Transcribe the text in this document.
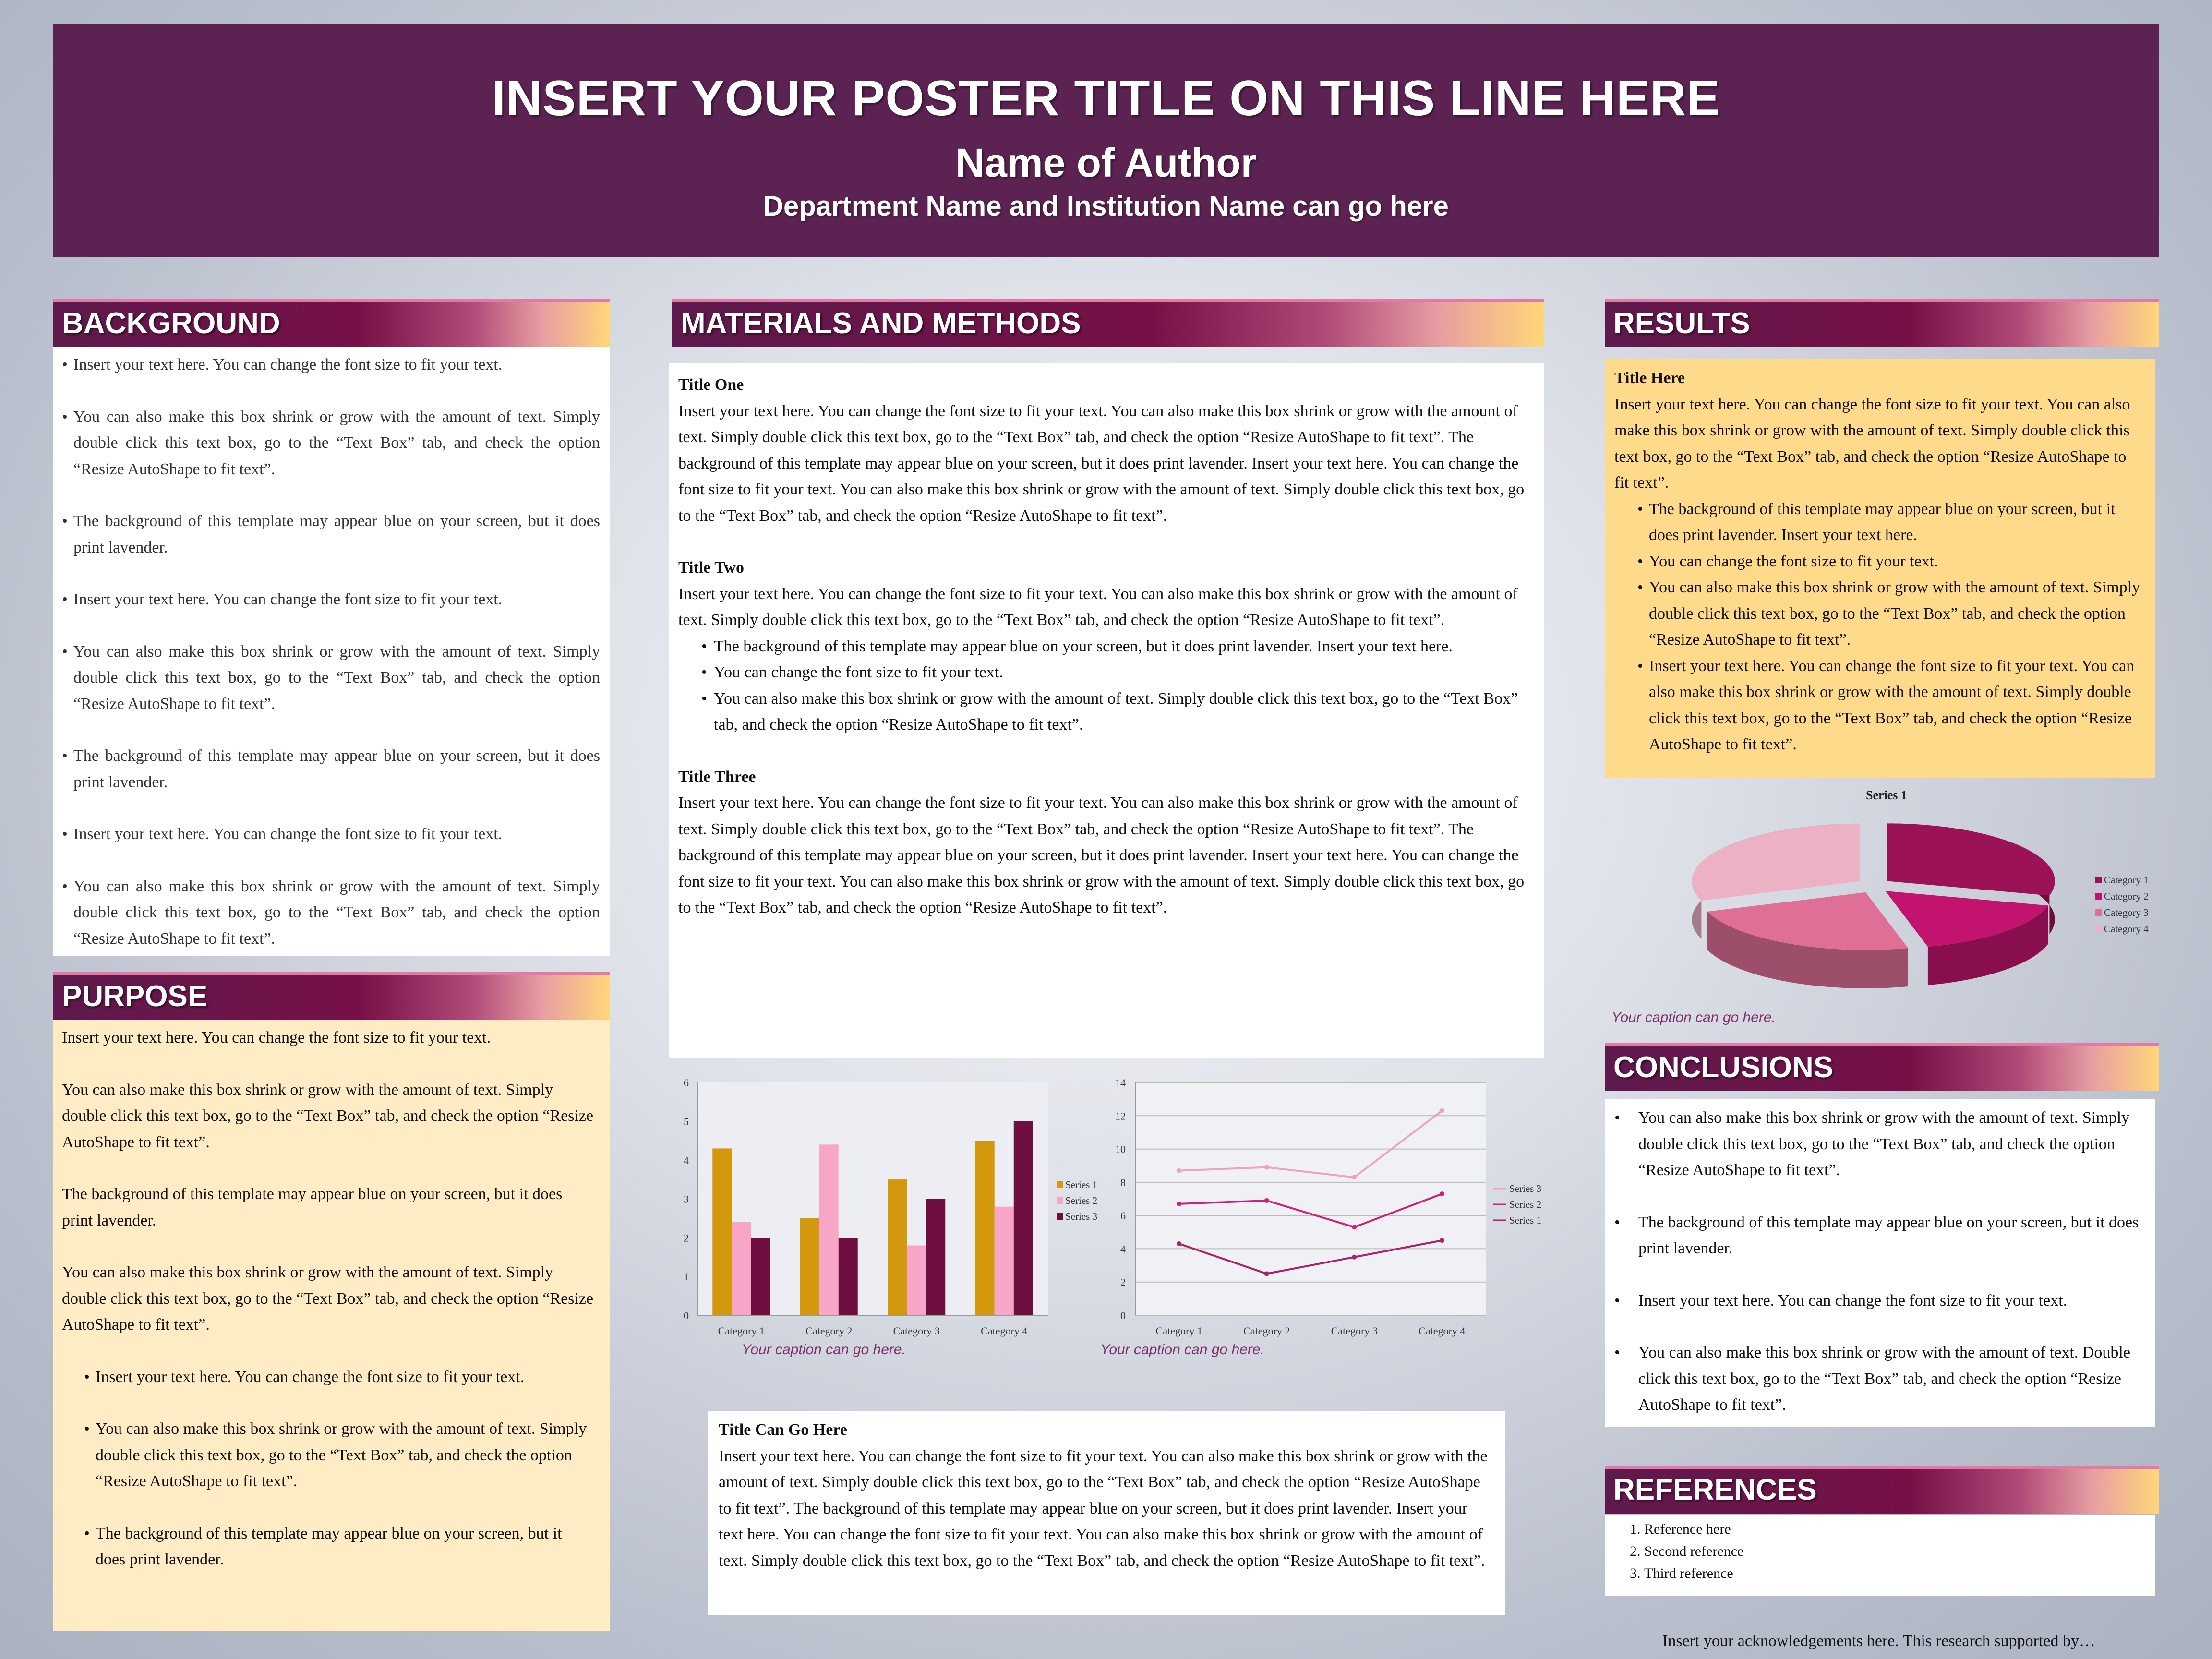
INSERT YOUR POSTER TITLE ON THIS LINE HERE
Name of Author
Department Name and Institution Name can go here
BACKGROUND
• Insert your text here. You can change the font size to fit your text.
• You can also make this box shrink or grow with the amount of text. Simply double click this text box, go to the “Text Box” tab, and check the option “Resize AutoShape to fit text”.
• The background of this template may appear blue on your screen, but it does print lavender.
• Insert your text here. You can change the font size to fit your text.
• You can also make this box shrink or grow with the amount of text. Simply double click this text box, go to the “Text Box” tab, and check the option “Resize AutoShape to fit text”.
• The background of this template may appear blue on your screen, but it does print lavender.
• Insert your text here. You can change the font size to fit your text.
• You can also make this box shrink or grow with the amount of text. Simply double click this text box, go to the “Text Box” tab, and check the option “Resize AutoShape to fit text”.
PURPOSE

Insert your text here. You can change the font size to fit your text.

You can also make this box shrink or grow with the amount of text. Simply double click this text box, go to the “Text Box” tab, and check the option “Resize AutoShape to fit text”.

The background of this template may appear blue on your screen, but it does print lavender.

You can also make this box shrink or grow with the amount of text. Simply double click this text box, go to the “Text Box” tab, and check the option “Resize AutoShape to fit text”.

• Insert your text here. You can change the font size to fit your text.
• You can also make this box shrink or grow with the amount of text. Simply double click this text box, go to the “Text Box” tab, and check the option “Resize AutoShape to fit text”.
• The background of this template may appear blue on your screen, but it does print lavender.
MATERIALS AND METHODS

Title One

Insert your text here. You can change the font size to fit your text. You can also make this box shrink or grow with the amount of text. Simply double click this text box, go to the “Text Box” tab, and check the option “Resize AutoShape to fit text”. The background of this template may appear blue on your screen, but it does print lavender. Insert your text here. You can change the font size to fit your text. You can also make this box shrink or grow with the amount of text. Simply double click this text box, go to the “Text Box” tab, and check the option “Resize AutoShape to fit text”.

Title Two

Insert your text here. You can change the font size to fit your text. You can also make this box shrink or grow with the amount of text. Simply double click this text box, go to the “Text Box” tab, and check the option “Resize AutoShape to fit text”.

• The background of this template may appear blue on your screen, but it does print lavender. Insert your text here.
• You can change the font size to fit your text.
• You can also make this box shrink or grow with the amount of text. Simply double click this text box, go to the “Text Box” tab, and check the option “Resize AutoShape to fit text”.

Title Three

Insert your text here. You can change the font size to fit your text. You can also make this box shrink or grow with the amount of text. Simply double click this text box, go to the “Text Box” tab, and check the option “Resize AutoShape to fit text”. The background of this template may appear blue on your screen, but it does print lavender. Insert your text here. You can change the font size to fit your text. You can also make this box shrink or grow with the amount of text. Simply double click this text box, go to the “Text Box” tab, and check the option “Resize AutoShape to fit text”.

0
1
2
3
4
5
6
Category 1	Category 2	Category 3	Category 4
Series 1
Series 2
Series 3
Your caption can go here.
0
2
4
6
8
10
12
14
Category 1	Category 2	Category 3	Category 4
Series 3
Series 2
Series 1
Your caption can go here.

Title Can Go Here

Insert your text here. You can change the font size to fit your text. You can also make this box shrink or grow with the amount of text. Simply double click this text box, go to the “Text Box” tab, and check the option “Resize AutoShape to fit text”. The background of this template may appear blue on your screen, but it does print lavender. Insert your text here. You can change the font size to fit your text. You can also make this box shrink or grow with the amount of text. Simply double click this text box, go to the “Text Box” tab, and check the option “Resize AutoShape to fit text”.

RESULTS

Title Here

Insert your text here. You can change the font size to fit your text. You can also make this box shrink or grow with the amount of text. Simply double click this text box, go to the “Text Box” tab, and check the option “Resize AutoShape to fit text”.

• The background of this template may appear blue on your screen, but it does print lavender. Insert your text here.
• You can change the font size to fit your text.
• You can also make this box shrink or grow with the amount of text. Simply double click this text box, go to the “Text Box” tab, and check the option “Resize AutoShape to fit text”.
• Insert your text here. You can change the font size to fit your text. You can also make this box shrink or grow with the amount of text. Simply double click this text box, go to the “Text Box” tab, and check the option “Resize AutoShape to fit text”.
Series 1
Category 1
Category 2
Category 3
Category 4
Your caption can go here.
CONCLUSIONS
• You can also make this box shrink or grow with the amount of text. Simply double click this text box, go to the “Text Box” tab, and check the option “Resize AutoShape to fit text”.
• The background of this template may appear blue on your screen, but it does print lavender.
• Insert your text here. You can change the font size to fit your text.
• You can also make this box shrink or grow with the amount of text. Double click this text box, go to the “Text Box” tab, and check the option “Resize AutoShape to fit text”.
REFERENCES
1. Reference here
2. Second reference
3. Third reference
Insert your acknowledgements here. This research supported by…
